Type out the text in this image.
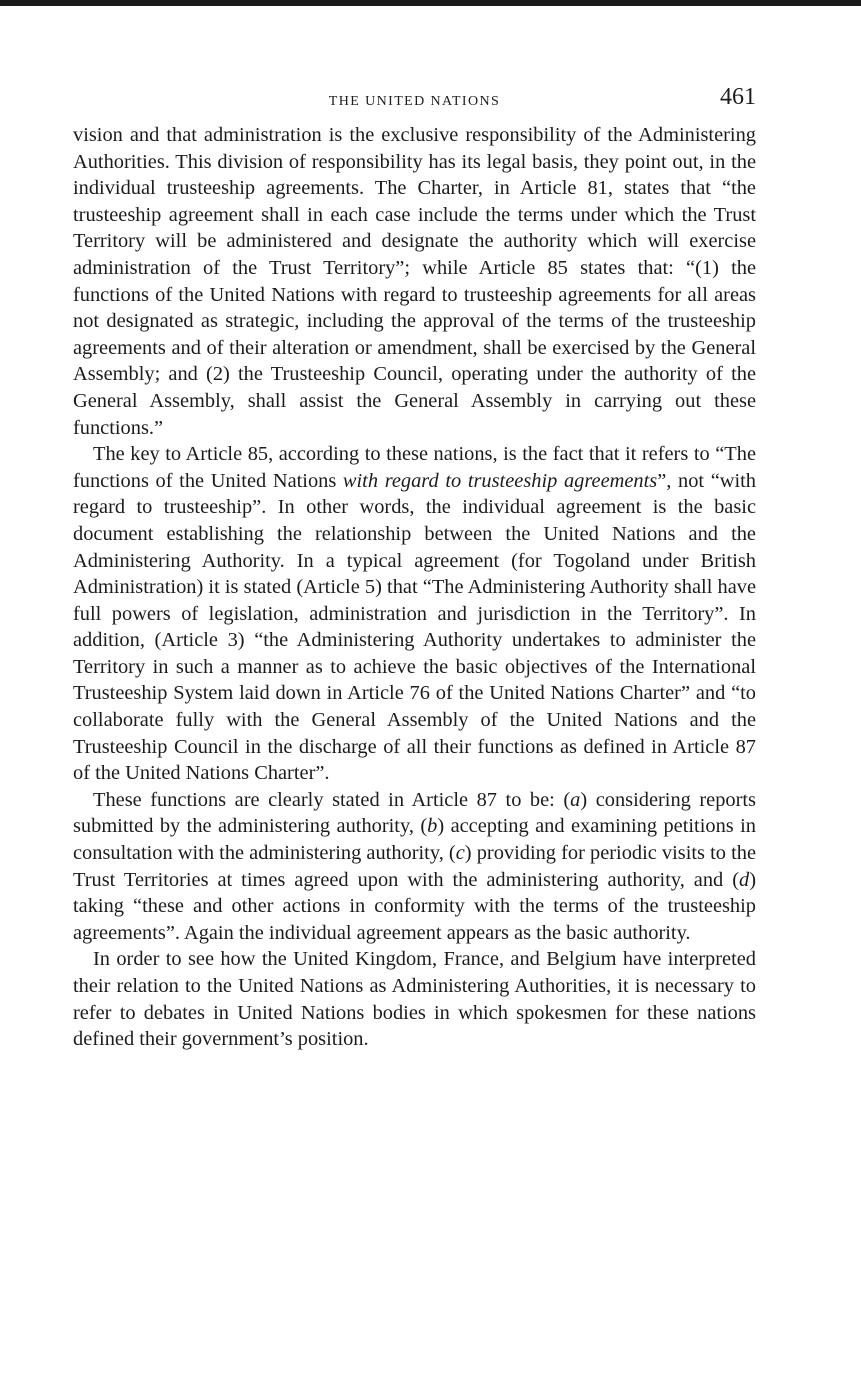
THE UNITED NATIONS	461

vision and that administration is the exclusive responsibility of the Administering Authorities. This division of responsibility has its legal basis, they point out, in the individual trusteeship agreements. The Charter, in Article 81, states that “the trusteeship agreement shall in each case include the terms under which the Trust Territory will be administered and designate the authority which will exercise administration of the Trust Territory”; while Article 85 states that: “(1) the functions of the United Nations with regard to trusteeship agreements for all areas not designated as strategic, including the approval of the terms of the trusteeship agreements and of their alteration or amendment, shall be exercised by the General Assembly; and (2) the Trusteeship Council, operating under the authority of the General Assembly, shall assist the General Assembly in carrying out these functions.”

The key to Article 85, according to these nations, is the fact that it refers to “The functions of the United Nations with regard to trusteeship agreements”, not “with regard to trusteeship”. In other words, the individual agreement is the basic document establishing the relationship between the United Nations and the Administering Authority. In a typical agreement (for Togoland under British Administration) it is stated (Article 5) that “The Administering Authority shall have full powers of legislation, administration and jurisdiction in the Territory”. In addition, (Article 3) “the Administering Authority undertakes to administer the Territory in such a manner as to achieve the basic objectives of the International Trusteeship System laid down in Article 76 of the United Nations Charter” and “to collaborate fully with the General Assembly of the United Nations and the Trusteeship Council in the discharge of all their functions as defined in Article 87 of the United Nations Charter”.

These functions are clearly stated in Article 87 to be: (a) considering reports submitted by the administering authority, (b) accepting and examining petitions in consultation with the administering authority, (c) providing for periodic visits to the Trust Territories at times agreed upon with the administering authority, and (d) taking “these and other actions in conformity with the terms of the trusteeship agreements”. Again the individual agreement appears as the basic authority.

In order to see how the United Kingdom, France, and Belgium have interpreted their relation to the United Nations as Administering Authorities, it is necessary to refer to debates in United Nations bodies in which spokesmen for these nations defined their government’s position.
